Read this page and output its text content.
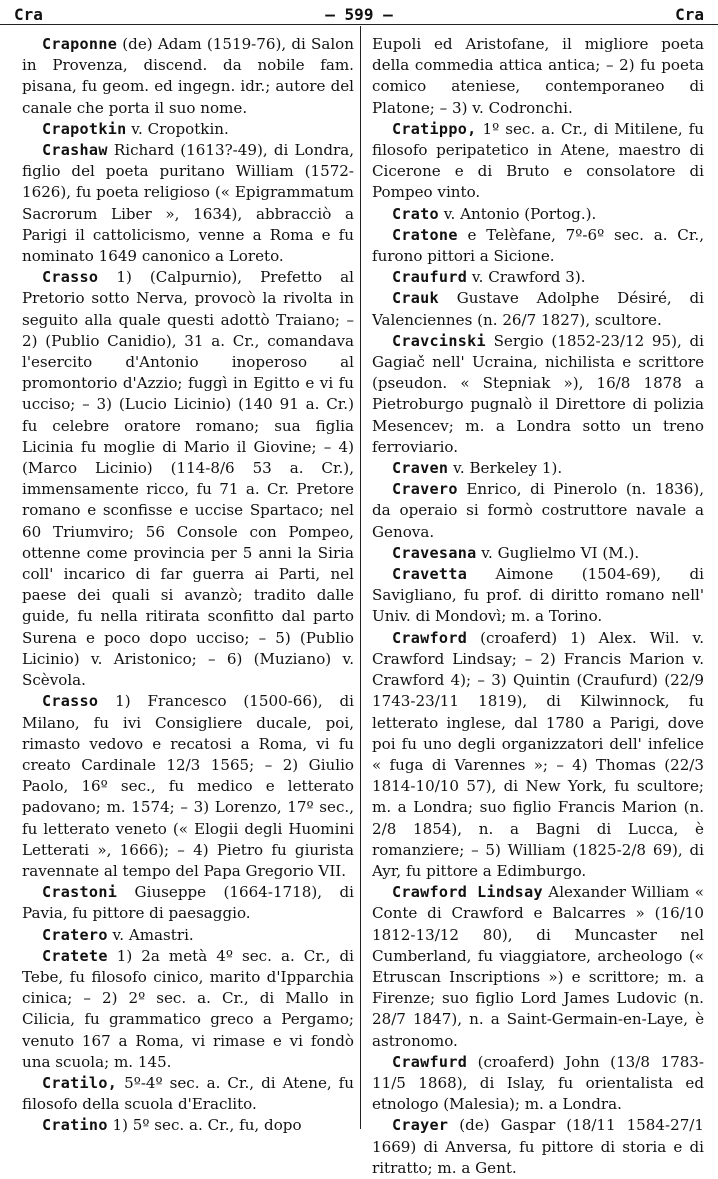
Cra	— 599 —	Cra

Craponne (de) Adam (1519-76), di Salon in Provenza, discend. da nobile fam. pisana, fu geom. ed ingegn. idr.; autore del canale che porta il suo nome.

Crapotkin v. Cropotkin.

Crashaw Richard (1613?-49), di Londra, figlio del poeta puritano William (1572-1626), fu poeta religioso (« Epigrammatum Sacrorum Liber », 1634), abbracciò a Parigi il cattolicismo, venne a Roma e fu nominato 1649 canonico a Loreto.

Crasso 1) (Calpurnio), Prefetto al Pretorio sotto Nerva, provocò la rivolta in seguito alla quale questi adottò Traiano; – 2) (Publio Canidio), 31 a. Cr., comandava l'esercito d'Antonio inoperoso al promontorio d'Azzio; fuggì in Egitto e vi fu ucciso; – 3) (Lucio Licinio) (140 91 a. Cr.) fu celebre oratore romano; sua figlia Licinia fu moglie di Mario il Giovine; – 4) (Marco Licinio) (114-8/6 53 a. Cr.), immensamente ricco, fu 71 a. Cr. Pretore romano e sconfisse e uccise Spartaco; nel 60 Triumviro; 56 Console con Pompeo, ottenne come provincia per 5 anni la Siria coll' incarico di far guerra ai Parti, nel paese dei quali si avanzò; tradito dalle guide, fu nella ritirata sconfitto dal parto Surena e poco dopo ucciso; – 5) (Publio Licinio) v. Aristonico; – 6) (Muziano) v. Scèvola.

Crasso 1) Francesco (1500-66), di Milano, fu ivi Consigliere ducale, poi, rimasto vedovo e recatosi a Roma, vi fu creato Cardinale 12/3 1565; – 2) Giulio Paolo, 16º sec., fu medico e letterato padovano; m. 1574; – 3) Lorenzo, 17º sec., fu letterato veneto (« Elogii degli Huomini Letterati », 1666); – 4) Pietro fu giurista ravennate al tempo del Papa Gregorio VII.

Crastoni Giuseppe (1664-1718), di Pavia, fu pittore di paesaggio.

Cratero v. Amastri.

Cratete 1) 2a metà 4º sec. a. Cr., di Tebe, fu filosofo cinico, marito d'Ipparchia cinica; – 2) 2º sec. a. Cr., di Mallo in Cilicia, fu grammatico greco a Pergamo; venuto 167 a Roma, vi rimase e vi fondò una scuola; m. 145.

Cratilo, 5º-4º sec. a. Cr., di Atene, fu filosofo della scuola d'Eraclito.

Cratino 1) 5º sec. a. Cr., fu, dopo

Eupoli ed Aristofane, il migliore poeta della commedia attica antica; – 2) fu poeta comico ateniese, contemporaneo di Platone; – 3) v. Codronchi.

Cratippo, 1º sec. a. Cr., di Mitilene, fu filosofo peripatetico in Atene, maestro di Cicerone e di Bruto e consolatore di Pompeo vinto.

Crato v. Antonio (Portog.).

Cratone e Telèfane, 7º-6º sec. a. Cr., furono pittori a Sicione.

Craufurd v. Crawford 3).

Crauk Gustave Adolphe Désiré, di Valenciennes (n. 26/7 1827), scultore.

Cravcinski Sergio (1852-23/12 95), di Gagiač nell' Ucraina, nichilista e scrittore (pseudon. « Stepniak »), 16/8 1878 a Pietroburgo pugnalò il Direttore di polizia Mesencev; m. a Londra sotto un treno ferroviario.

Craven v. Berkeley 1).

Cravero Enrico, di Pinerolo (n. 1836), da operaio si formò costruttore navale a Genova.

Cravesana v. Guglielmo VI (M.).

Cravetta Aimone (1504-69), di Savigliano, fu prof. di diritto romano nell' Univ. di Mondovì; m. a Torino.

Crawford (croaferd) 1) Alex. Wil. v. Crawford Lindsay; – 2) Francis Marion v. Crawford 4); – 3) Quintin (Craufurd) (22/9 1743-23/11 1819), di Kilwinnock, fu letterato inglese, dal 1780 a Parigi, dove poi fu uno degli organizzatori dell' infelice « fuga di Varennes »; – 4) Thomas (22/3 1814-10/10 57), di New York, fu scultore; m. a Londra; suo figlio Francis Marion (n. 2/8 1854), n. a Bagni di Lucca, è romanziere; – 5) William (1825-2/8 69), di Ayr, fu pittore a Edimburgo.

Crawford Lindsay Alexander William « Conte di Crawford e Balcarres » (16/10 1812-13/12 80), di Muncaster nel Cumberland, fu viaggiatore, archeologo (« Etruscan Inscriptions ») e scrittore; m. a Firenze; suo figlio Lord James Ludovic (n. 28/7 1847), n. a Saint-Germain-en-Laye, è astronomo.

Crawfurd (croaferd) John (13/8 1783-11/5 1868), di Islay, fu orientalista ed etnologo (Malesia); m. a Londra.

Crayer (de) Gaspar (18/11 1584-27/1 1669) di Anversa, fu pittore di storia e di ritratto; m. a Gent.
